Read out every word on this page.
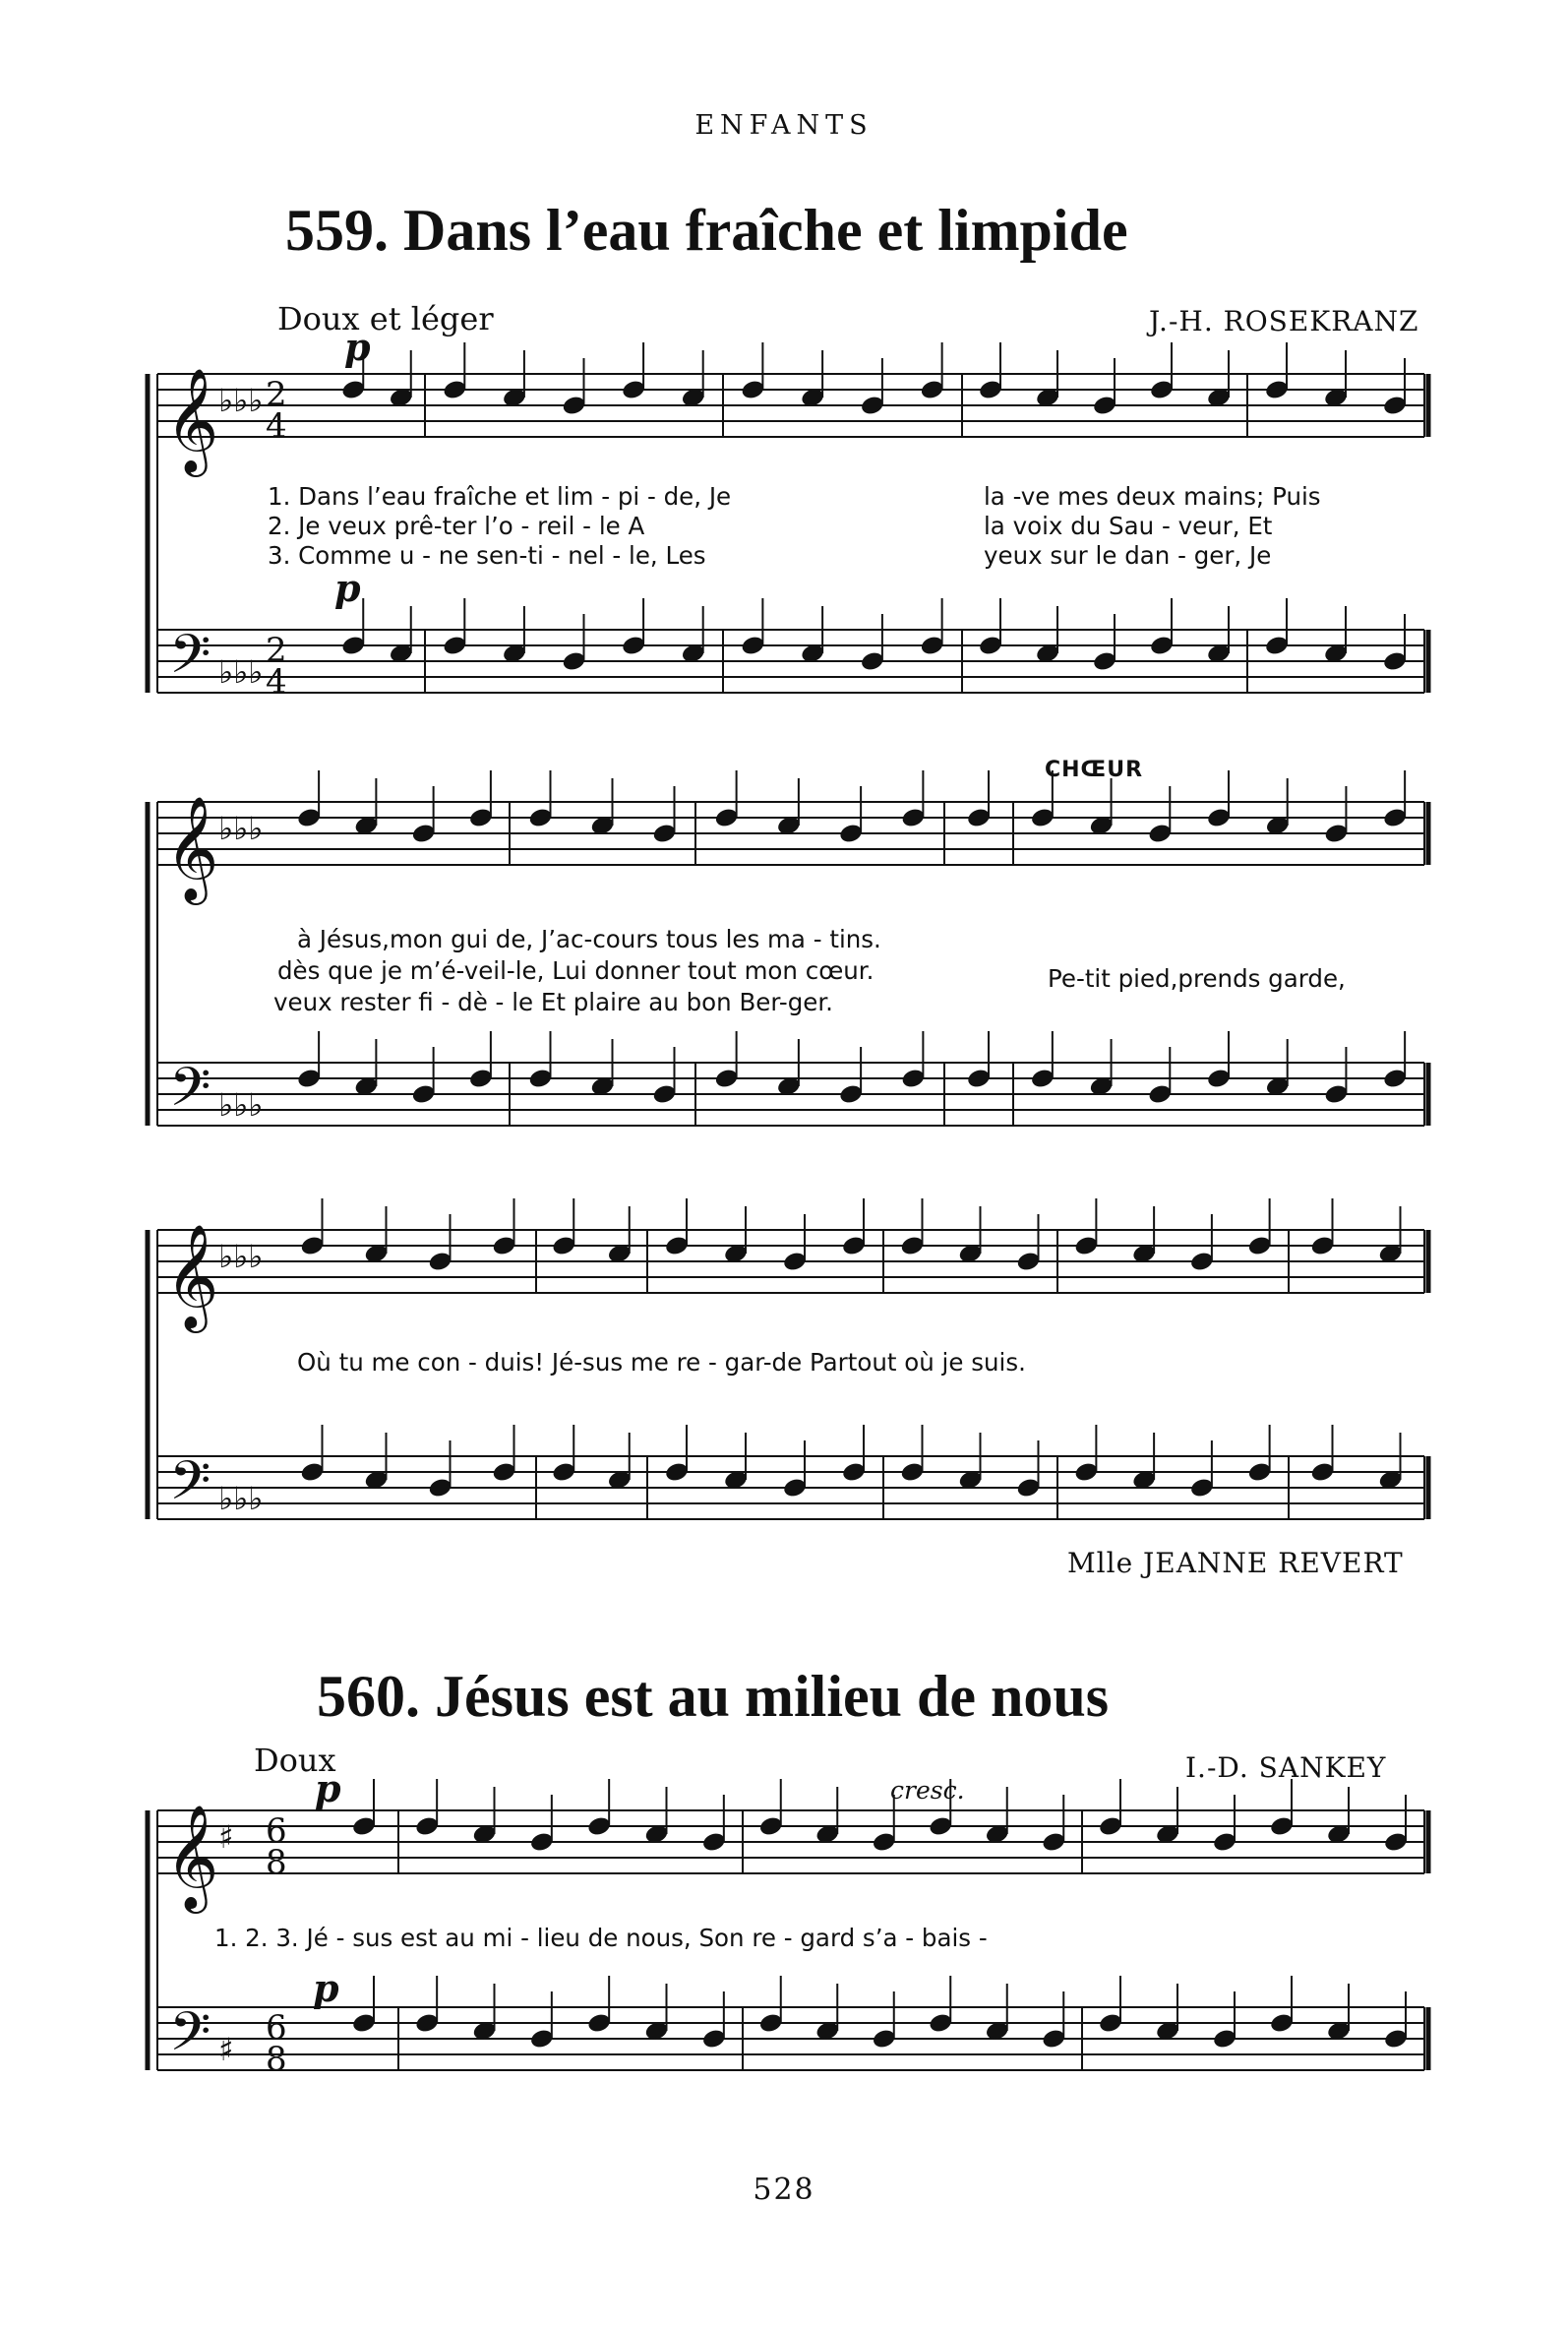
ENFANTS
559. Dans l’eau fraîche et limpide
Doux et léger	J.-H. ROSEKRANZ
p
p
1. Dans l’eau fraîche et lim - pi - de, Je
2. Je veux prê-ter l’o - reil - le A
3. Comme u - ne sen-ti - nel - le, Les
la -ve mes deux mains; Puis
la voix du Sau - veur, Et
yeux sur le dan - ger, Je
CHŒUR
à Jésus,mon gui de, J’ac-cours tous les ma - tins.
dès que je m’é-veil-le, Lui donner tout mon cœur.
veux rester fi - dè - le Et plaire au bon Ber-ger.
Pe-tit pied,prends garde,
Où tu me con - duis! Jé-sus me re - gar-de Partout où je suis.
Mlle JEANNE REVERT
560. Jésus est au milieu de nous
Doux	I.-D. SANKEY
p	cresc.
1. 2. 3. Jé - sus est au mi - lieu de nous, Son re - gard s’a - bais -
p
𝄞
𝄢
♭♭♭
♭♭♭
𝄞
𝄢
♭♭♭
♭♭♭
𝄞
𝄢
♭♭♭
♭♭♭
𝄞
𝄢
♯
♯
2
4
2
4
6
8
6
8
528
